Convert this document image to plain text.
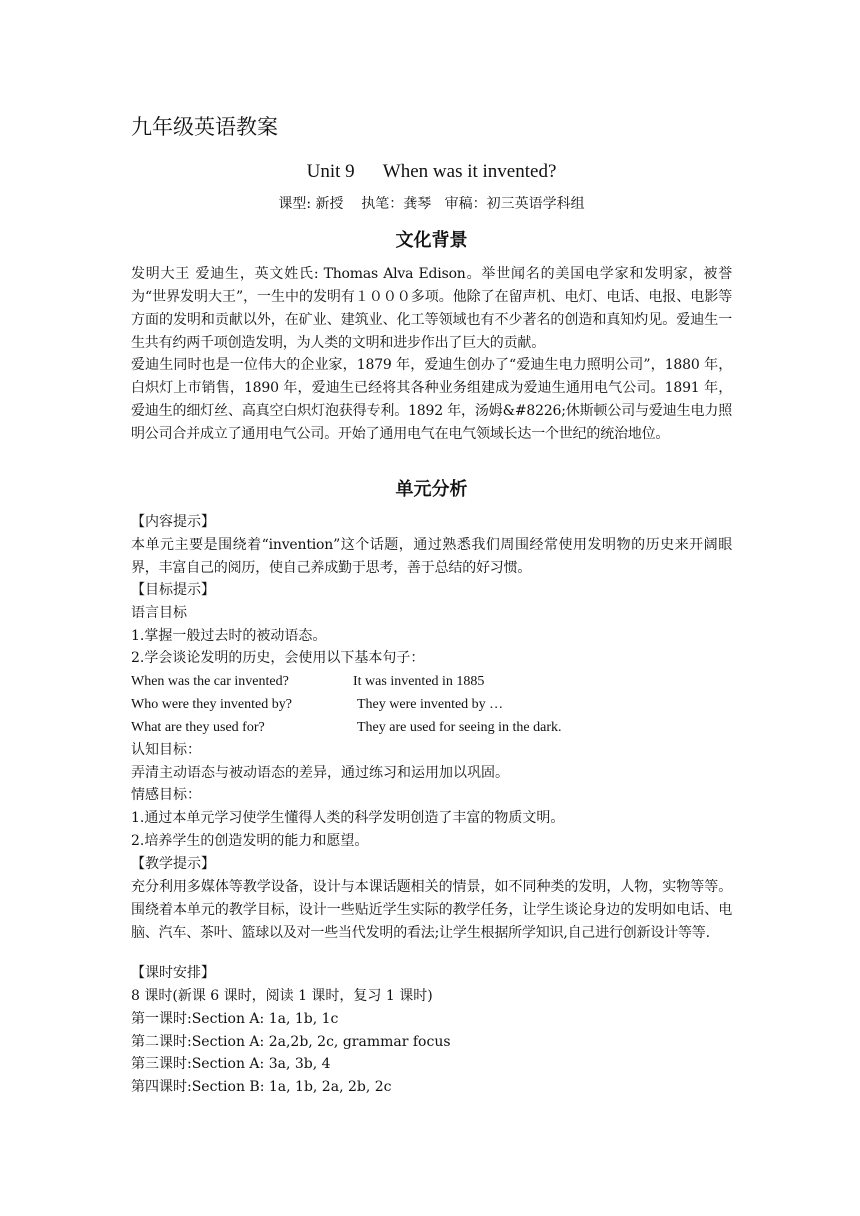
九年级英语教案
Unit 9      When was it invented?
课型: 新授    执笔：龚琴   审稿：初三英语学科组
文化背景
发明大王 爱迪生，英文姓氏: Thomas Alva Edison。举世闻名的美国电学家和发明家，被誉为“世界发明大王”，一生中的发明有１０００多项。他除了在留声机、电灯、电话、电报、电影等方面的发明和贡献以外，在矿业、建筑业、化工等领域也有不少著名的创造和真知灼见。爱迪生一生共有约两千项创造发明，为人类的文明和进步作出了巨大的贡献。
爱迪生同时也是一位伟大的企业家，1879 年，爱迪生创办了“爱迪生电力照明公司”，1880 年，白炽灯上市销售，1890 年，爱迪生已经将其各种业务组建成为爱迪生通用电气公司。1891 年，爱迪生的细灯丝、高真空白炽灯泡获得专利。1892 年，汤姆&#8226;休斯顿公司与爱迪生电力照明公司合并成立了通用电气公司。开始了通用电气在电气领域长达一个世纪的统治地位。
单元分析
【内容提示】
本单元主要是围绕着“invention”这个话题，通过熟悉我们周围经常使用发明物的历史来开阔眼界，丰富自己的阅历，使自己养成勤于思考，善于总结的好习惯。
【目标提示】
语言目标
1.掌握一般过去时的被动语态。
2.学会谈论发明的历史，会使用以下基本句子：
When was the car invented?	It was invented in 1885
Who were they invented by?	They were invented by …
What are they used for?	They are used for seeing in the dark.
认知目标：
弄清主动语态与被动语态的差异，通过练习和运用加以巩固。
情感目标：
1.通过本单元学习使学生懂得人类的科学发明创造了丰富的物质文明。
2.培养学生的创造发明的能力和愿望。
【教学提示】
充分利用多媒体等教学设备，设计与本课话题相关的情景，如不同种类的发明，人物，实物等等。围绕着本单元的教学目标，设计一些贴近学生实际的教学任务，让学生谈论身边的发明如电话、电脑、汽车、茶叶、篮球以及对一些当代发明的看法;让学生根据所学知识,自己进行创新设计等等.
【课时安排】
8 课时(新课 6 课时，阅读 1 课时，复习 1 课时)
第一课时:Section A: 1a, 1b, 1c
第二课时:Section A: 2a,2b, 2c, grammar focus
第三课时:Section A: 3a, 3b, 4
第四课时:Section B: 1a, 1b, 2a, 2b, 2c
